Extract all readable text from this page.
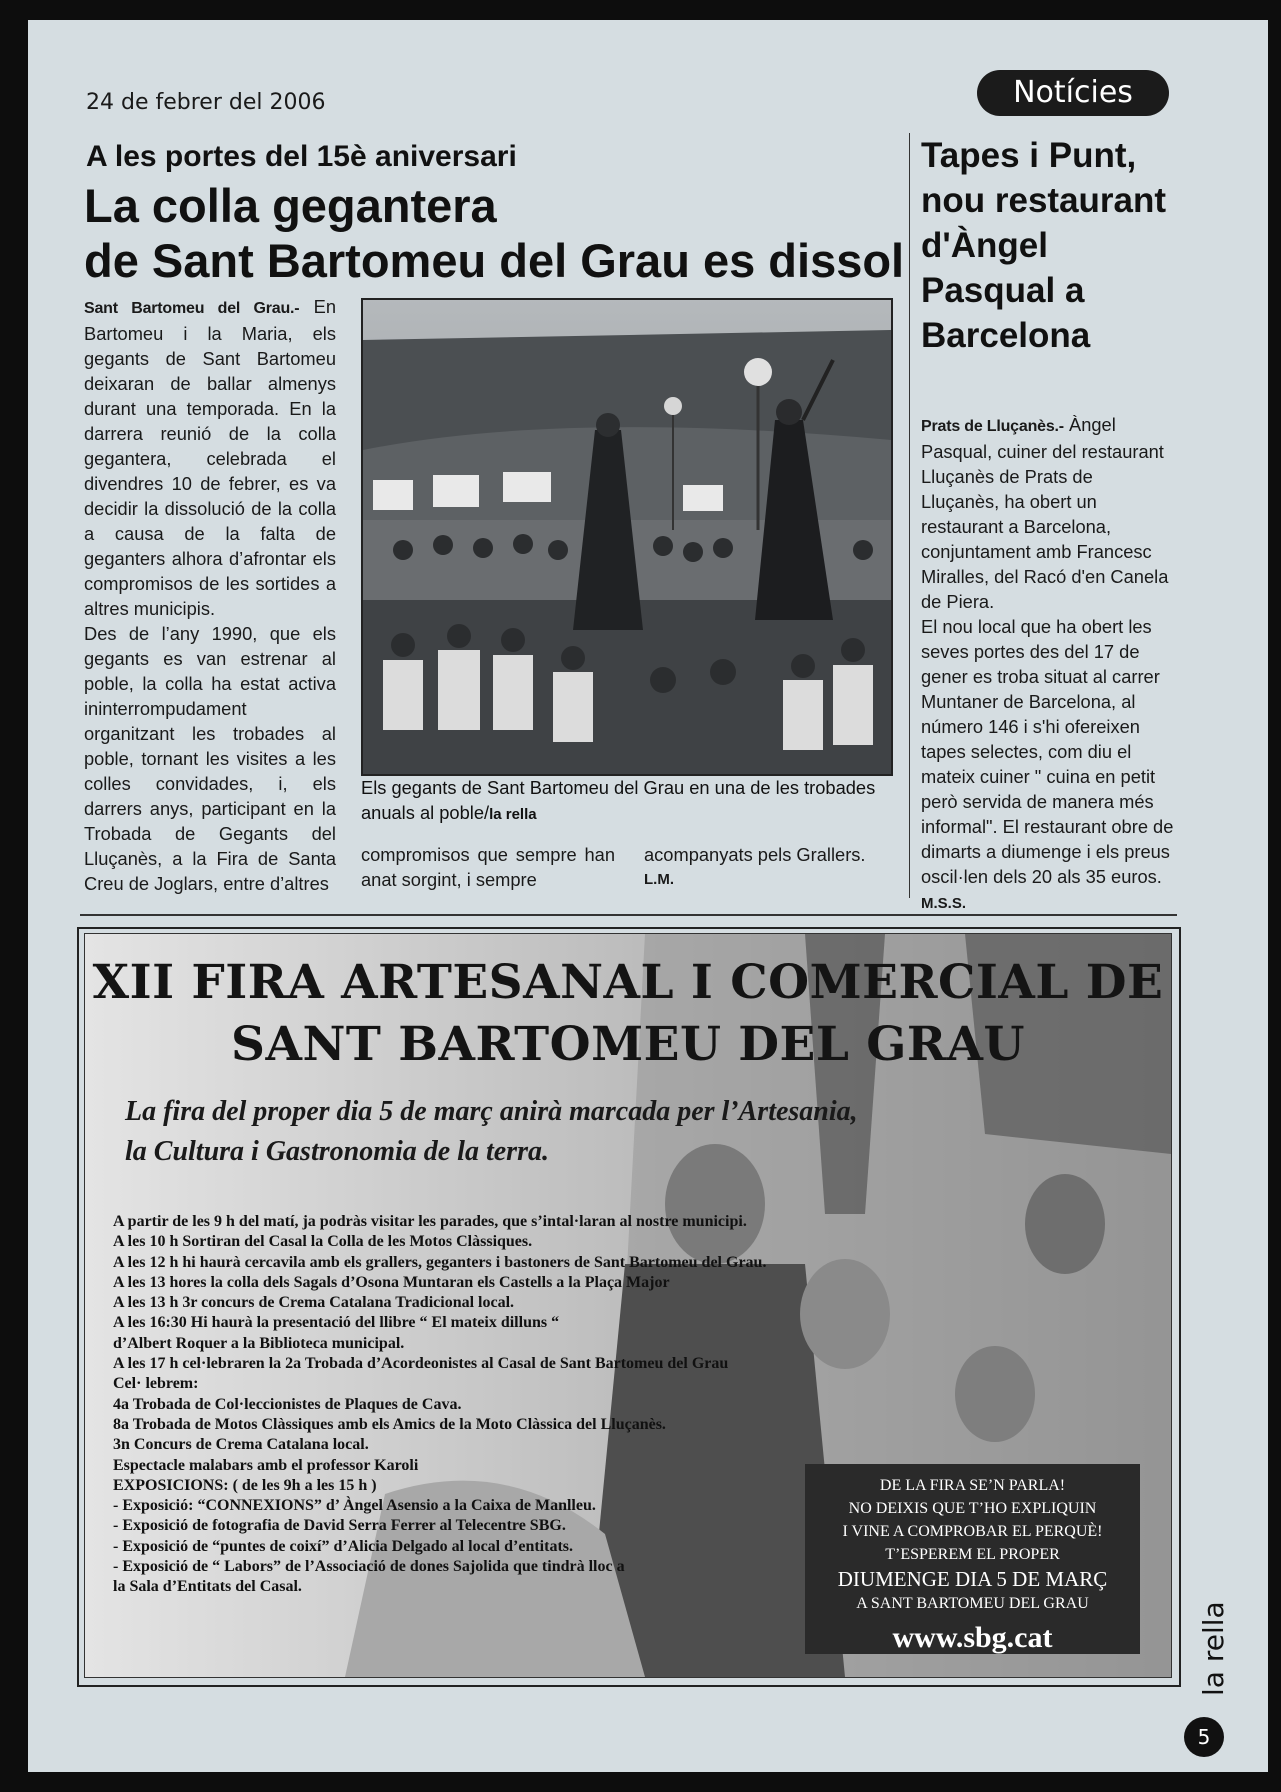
24 de febrer del 2006	Notícies
A les portes del 15è aniversari
La colla gegantera
de Sant Bartomeu del Grau es dissol

Sant Bartomeu del Grau.- En Bartomeu i la Maria, els gegants de Sant Bartomeu deixaran de ballar almenys durant una temporada. En la darrera reunió de la colla gegantera, celebrada el divendres 10 de febrer, es va decidir la dissolució de la colla a causa de la falta de geganters alhora d’afrontar els compromisos de les sortides a altres municipis.

Des de l’any 1990, que els gegants es van estrenar al poble, la colla ha estat activa ininterrompudament organitzant les trobades al poble, tornant les visites a les colles convidades, i, els darrers anys, participant en la Trobada de Gegants del Lluçanès, a la Fira de Santa Creu de Joglars, entre d’altres

Els gegants de Sant Bartomeu del Grau en una de les trobades anuals al poble/la rella
compromisos que sempre han anat sorgint, i sempre
acompanyats pels Grallers.
L.M.
Tapes i Punt, nou restaurant d'Àngel Pasqual a Barcelona

Prats de Lluçanès.- Àngel Pasqual, cuiner del restaurant Lluçanès de Prats de Lluçanès, ha obert un restaurant a Barcelona, conjuntament amb Francesc Miralles, del Racó d'en Canela de Piera.

El nou local que ha obert les seves portes des del 17 de gener es troba situat al carrer Muntaner de Barcelona, al número 146 i s'hi ofereixen tapes selectes, com diu el mateix cuiner " cuina en petit però servida de manera més informal". El restaurant obre de dimarts a diumenge i els preus oscil·len dels 20 als 35 euros. M.S.S.

XII FIRA ARTESANAL I COMERCIAL DE
SANT BARTOMEU DEL GRAU
La fira del proper dia 5 de març anirà marcada per l’Artesania,
la Cultura i Gastronomia de la terra.
A partir de les 9 h del matí, ja podràs visitar les parades, que s’intal·laran al nostre municipi.
A les 10 h Sortiran del Casal la Colla de les Motos Clàssiques.
A les 12 h hi haurà cercavila amb els grallers, geganters i bastoners de Sant Bartomeu del Grau.
A les 13 hores la colla dels Sagals d’Osona Muntaran els Castells a la Plaça Major
A les 13 h 3r concurs de Crema Catalana Tradicional local.
A les 16:30 Hi haurà la presentació del llibre “ El mateix dilluns “
d’Albert Roquer a la Biblioteca municipal.
A les 17 h cel·lebraren la 2a Trobada d’Acordeonistes al Casal de Sant Bartomeu del Grau
Cel· lebrem:
4a Trobada de Col·leccionistes de Plaques de Cava.
8a Trobada de Motos Clàssiques amb els Amics de la Moto Clàssica del Lluçanès.
3n Concurs de Crema Catalana local.
Espectacle malabars amb el professor Karoli
EXPOSICIONS: ( de les 9h a les 15 h )
- Exposició: “CONNEXIONS” d’ Àngel Asensio a la Caixa de Manlleu.
- Exposició de fotografia de David Serra Ferrer al Telecentre SBG.
- Exposició de “puntes de coixí” d’Alicia Delgado al local d’entitats.
- Exposició de “ Labors” de l’Associació de dones Sajolida que tindrà lloc a
la Sala d’Entitats del Casal.
DE LA FIRA SE’N PARLA!
NO DEIXIS QUE T’HO EXPLIQUIN
I VINE A COMPROBAR EL PERQUÈ!
T’ESPEREM EL PROPER
DIUMENGE DIA 5 DE MARÇ
A SANT BARTOMEU DEL GRAU
www.sbg.cat	la rella
5
